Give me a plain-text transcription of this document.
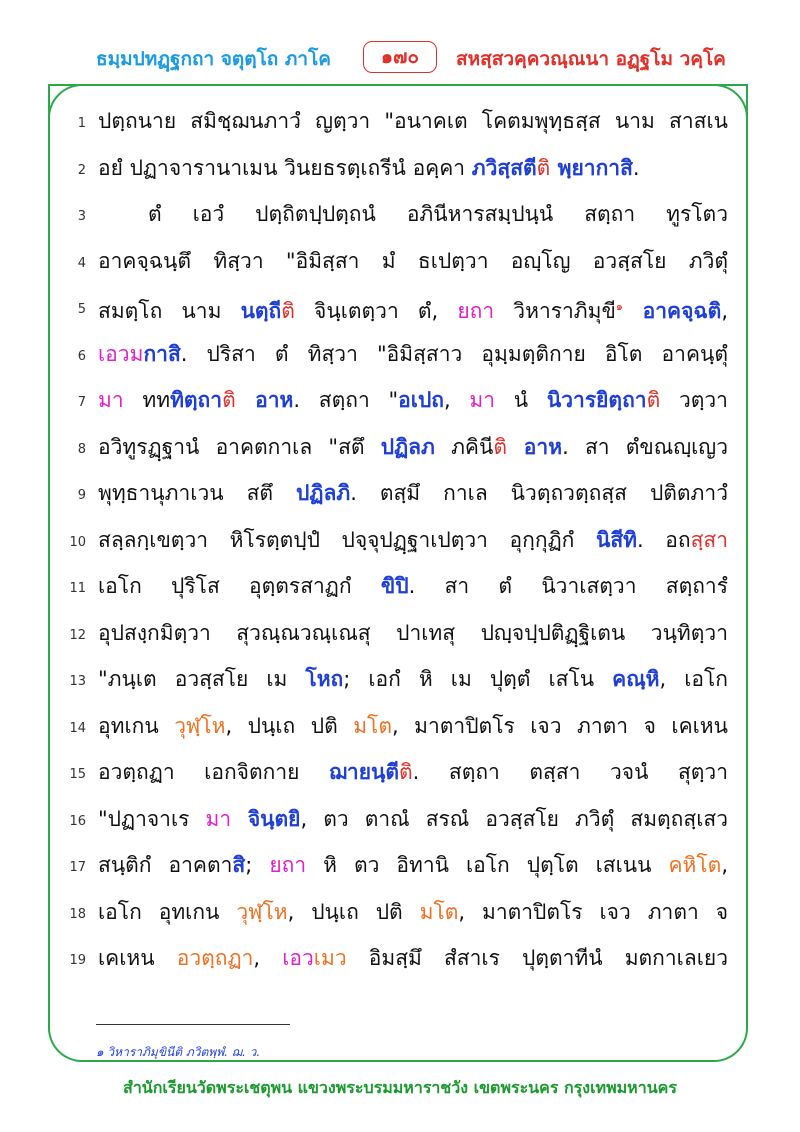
ธมฺมปทฏฺฐกถา จตุตฺโถ ภาโค	๑๗๐	สหสฺสวคฺควณฺณนา อฏฺฐโม วคฺโค
1 ปตฺถนาย สมิชฺฌนภาวํ ญตฺวา "อนาคเต โคตมพุทฺธสฺส นาม สาสเน
2 อยํ ปฏาจารานาเมน วินยธรตฺเถรีนํ อคฺคา ภวิสฺสตีติ พฺยากาสิ.
3	ตํ เอวํ ปตฺถิตปฺปตฺถนํ อภินีหารสมฺปนฺนํ สตฺถา ทูรโตว
4 อาคจฺฉนฺตึ ทิสฺวา "อิมิสฺสา มํ ธเปตฺวา อญฺโญ อวสฺสโย ภวิตุํ
5 สมตฺโถ นาม นตฺถีติ จินฺเตตฺวา ตํ, ยถา วิหาราภิมุขี$^๑$ อาคจฺฉติ,
6 เอวมกาสิ. ปริสา ตํ ทิสฺวา "อิมิสฺสาว อุมฺมตฺติกาย อิโต อาคนฺตุํ
7 มา ทททิตฺถาติ อาห. สตฺถา "อเปถ, มา นํ นิวารยิตฺถาติ วตฺวา
8 อวิทูรฏฺฐานํ อาคตกาเล "สตึ ปฏิลภ ภคินีติ อาห. สา ตํขณญฺเญว
9 พุทฺธานุภาเวน สตึ ปฏิลภิ. ตสฺมึ กาเล นิวตฺถวตฺถสฺส ปติตภาวํ
10 สลฺลกฺเขตฺวา หิโรตฺตปฺปํ ปจฺจุปฏฺฐาเปตฺวา อุกฺกุฏิกํ นิสีทิ. อถสฺสา
11 เอโก ปุริโส อุตฺตรสาฏกํ ขิปิ. สา ตํ นิวาเสตฺวา สตฺถารํ
12 อุปสงฺกมิตฺวา สุวณฺณวณฺเณสุ ปาเทสุ ปญฺจปฺปติฏฺฐิเตน วนฺทิตฺวา
13 "ภนฺเต อวสฺสโย เม โหถ; เอกํ หิ เม ปุตฺตํ เสโน คณฺหิ, เอโก
14 อุทเกน วุฬฺโห, ปนฺเถ ปติ มโต, มาตาปิตโร เจว ภาตา จ เคเหน
15 อวตฺถฏา เอกจิตกาย ฌายนฺตีติ. สตฺถา ตสฺสา วจนํ สุตฺวา
16 "ปฏาจาเร มา จินฺตยิ, ตว ตาณํ สรณํ อวสฺสโย ภวิตุํ สมตฺถสฺเสว
17 สนฺติกํ อาคตาสิ; ยถา หิ ตว อิทานิ เอโก ปุตฺโต เสเนน คหิโต,
18 เอโก อุทเกน วุฬฺโห, ปนฺเถ ปติ มโต, มาตาปิตโร เจว ภาตา จ
19 เคเหน อวตฺถฏา, เอวเมว อิมสฺมึ สํสาเร ปุตฺตาทีนํ มตกาเลเยว
๑ วิหาราภิมุขินีติ ภวิตพฺพํ. ฌ. ว.
สำนักเรียนวัดพระเชตุพน แขวงพระบรมมหาราชวัง เขตพระนคร กรุงเทพมหานคร
